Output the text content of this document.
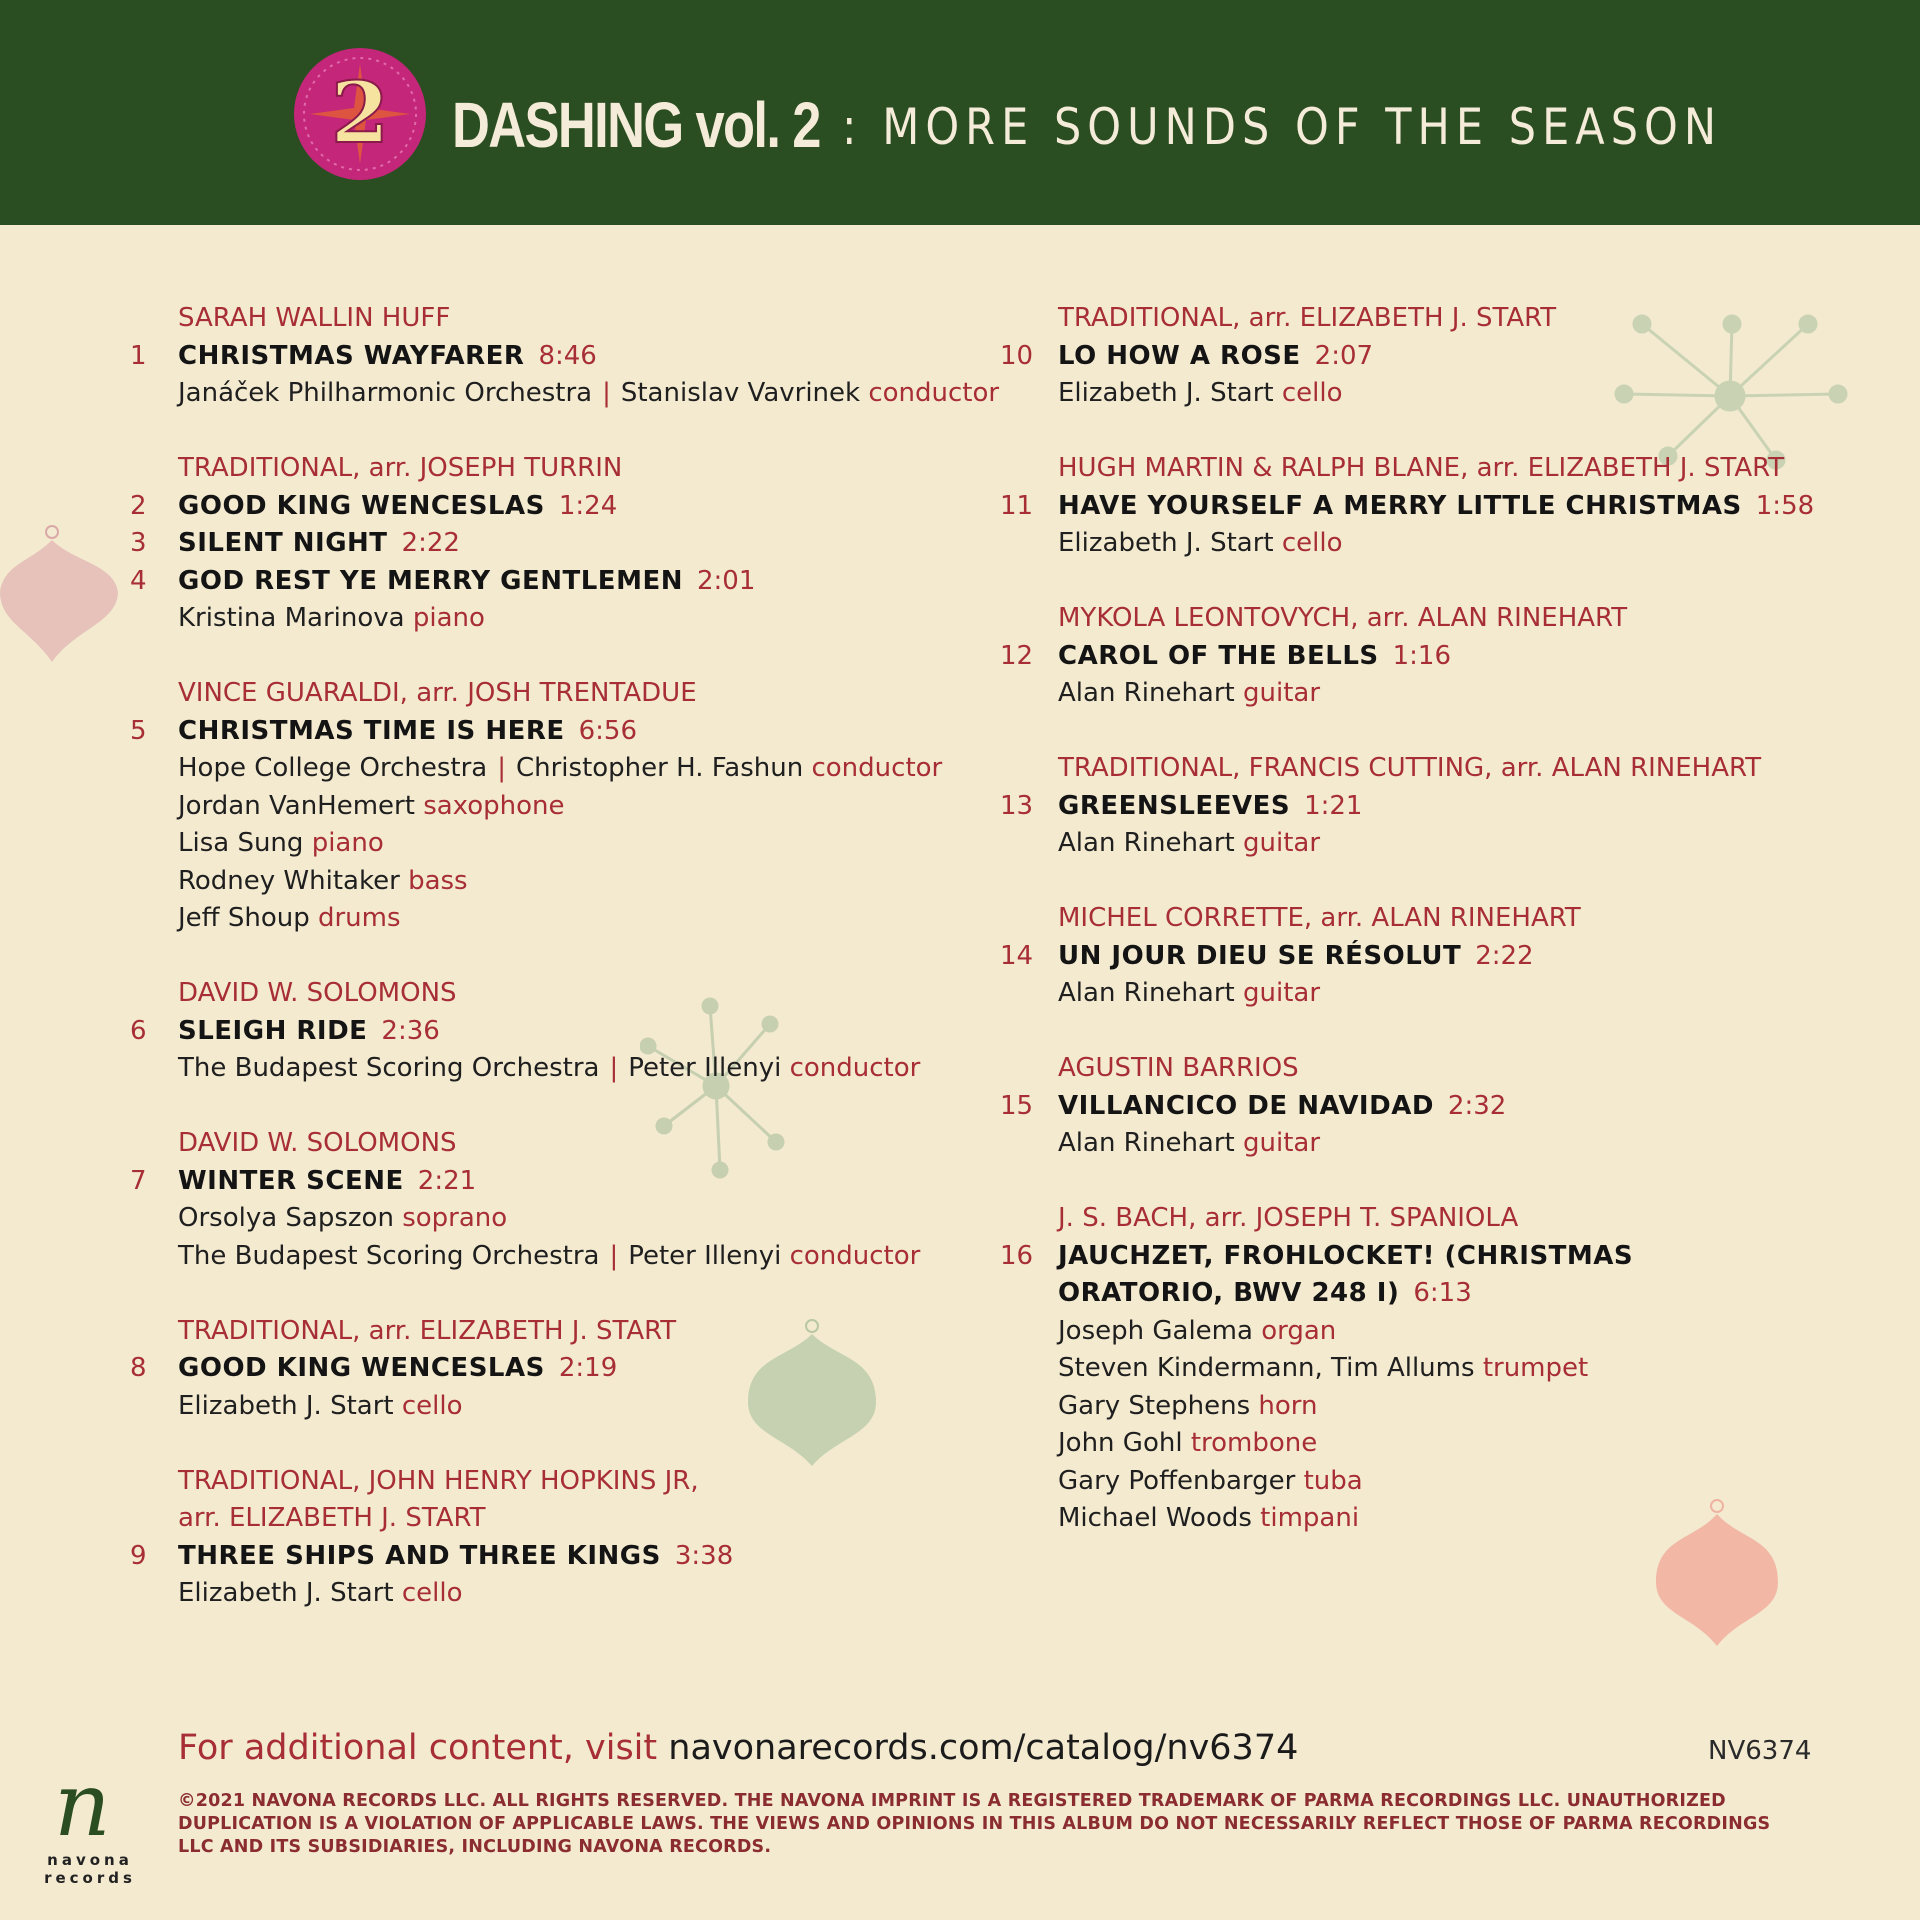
2 DASHING vol. 2 : MORE SOUNDS OF THE SEASON
SARAH WALLIN HUFF
1	CHRISTMAS WAYFARER 8:46
Janáček Philharmonic Orchestra | Stanislav Vavrinek conductor
TRADITIONAL, arr. JOSEPH TURRIN
2	GOOD KING WENCESLAS 1:24
3	SILENT NIGHT 2:22
4	GOD REST YE MERRY GENTLEMEN 2:01
Kristina Marinova piano
VINCE GUARALDI, arr. JOSH TRENTADUE
5	CHRISTMAS TIME IS HERE 6:56
Hope College Orchestra | Christopher H. Fashun conductor
Jordan VanHemert saxophone
Lisa Sung piano
Rodney Whitaker bass
Jeff Shoup drums
DAVID W. SOLOMONS
6	SLEIGH RIDE 2:36
The Budapest Scoring Orchestra | Peter Illenyi conductor
DAVID W. SOLOMONS
7	WINTER SCENE 2:21
Orsolya Sapszon soprano
The Budapest Scoring Orchestra | Peter Illenyi conductor
TRADITIONAL, arr. ELIZABETH J. START
8	GOOD KING WENCESLAS 2:19
Elizabeth J. Start cello
TRADITIONAL, JOHN HENRY HOPKINS JR,
arr. ELIZABETH J. START
9	THREE SHIPS AND THREE KINGS 3:38
Elizabeth J. Start cello
TRADITIONAL, arr. ELIZABETH J. START
10 LO HOW A ROSE 2:07
Elizabeth J. Start cello
HUGH MARTIN & RALPH BLANE, arr. ELIZABETH J. START
11 HAVE YOURSELF A MERRY LITTLE CHRISTMAS 1:58
Elizabeth J. Start cello
MYKOLA LEONTOVYCH, arr. ALAN RINEHART
12 CAROL OF THE BELLS 1:16
Alan Rinehart guitar
TRADITIONAL, FRANCIS CUTTING, arr. ALAN RINEHART
13 GREENSLEEVES 1:21
Alan Rinehart guitar
MICHEL CORRETTE, arr. ALAN RINEHART
14 UN JOUR DIEU SE RÉSOLUT 2:22
Alan Rinehart guitar
AGUSTIN BARRIOS
15 VILLANCICO DE NAVIDAD 2:32
Alan Rinehart guitar
J. S. BACH, arr. JOSEPH T. SPANIOLA
16 JAUCHZET, FROHLOCKET! (CHRISTMAS
ORATORIO, BWV 248 I) 6:13
Joseph Galema organ
Steven Kindermann, Tim Allums trumpet
Gary Stephens horn
John Gohl trombone
Gary Poffenbarger tuba
Michael Woods timpani
For additional content, visit navonarecords.com/catalog/nv6374	NV6374
©2021 NAVONA RECORDS LLC. ALL RIGHTS RESERVED. THE NAVONA IMPRINT IS A REGISTERED TRADEMARK OF PARMA RECORDINGS LLC. UNAUTHORIZED DUPLICATION IS A VIOLATION OF APPLICABLE LAWS. THE VIEWS AND OPINIONS IN THIS ALBUM DO NOT NECESSARILY REFLECT THOSE OF PARMA RECORDINGS LLC AND ITS SUBSIDIARIES, INCLUDING NAVONA RECORDS.
n
navona
records
